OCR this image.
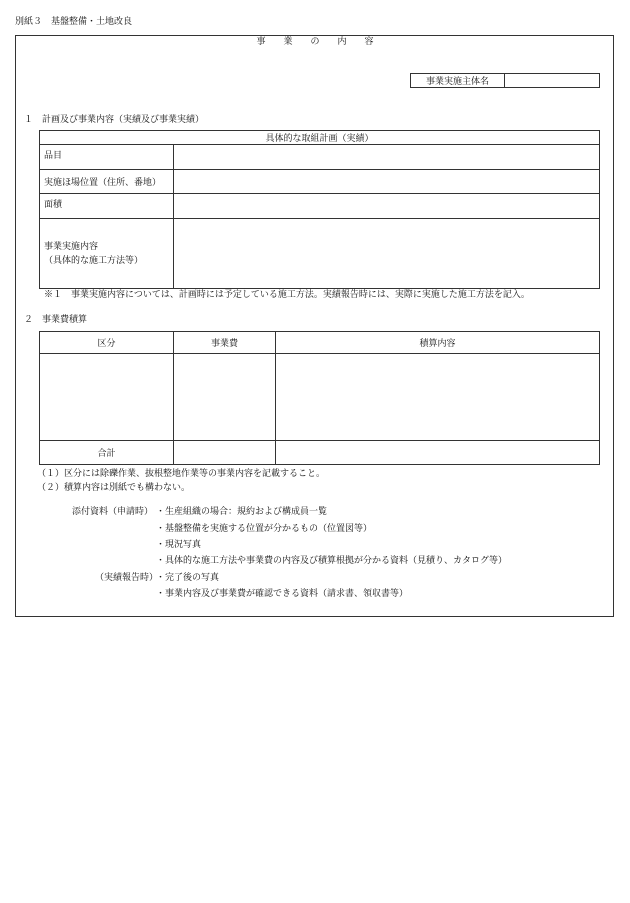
別紙３　基盤整備・土地改良
事　　業　　の　　内　　容
事業実施主体名	
１　計画及び事業内容（実績及び事業実績）
具体的な取組計画（実績）	
品目	
実施ほ場位置（住所、番地）	
面積	

事業実施内容
（具体的な施工方法等）	

※１　事業実施内容については、計画時には予定している施工方法。実績報告時には、実際に実施した施工方法を記入。
２　事業費積算
区分	事業費	積算内容

合計		
（１）区分には除礫作業、抜根整地作業等の事業内容を記載すること。
（２）積算内容は別紙でも構わない。
添付資料（申請時） ・生産組織の場合：規約および構成員一覧
・基盤整備を実施する位置が分かるもの（位置図等）
・現況写真
・具体的な施工方法や事業費の内容及び積算根拠が分かる資料（見積り、カタログ等）
（実績報告時）
・完了後の写真
・事業内容及び事業費が確認できる資料（請求書、領収書等）
